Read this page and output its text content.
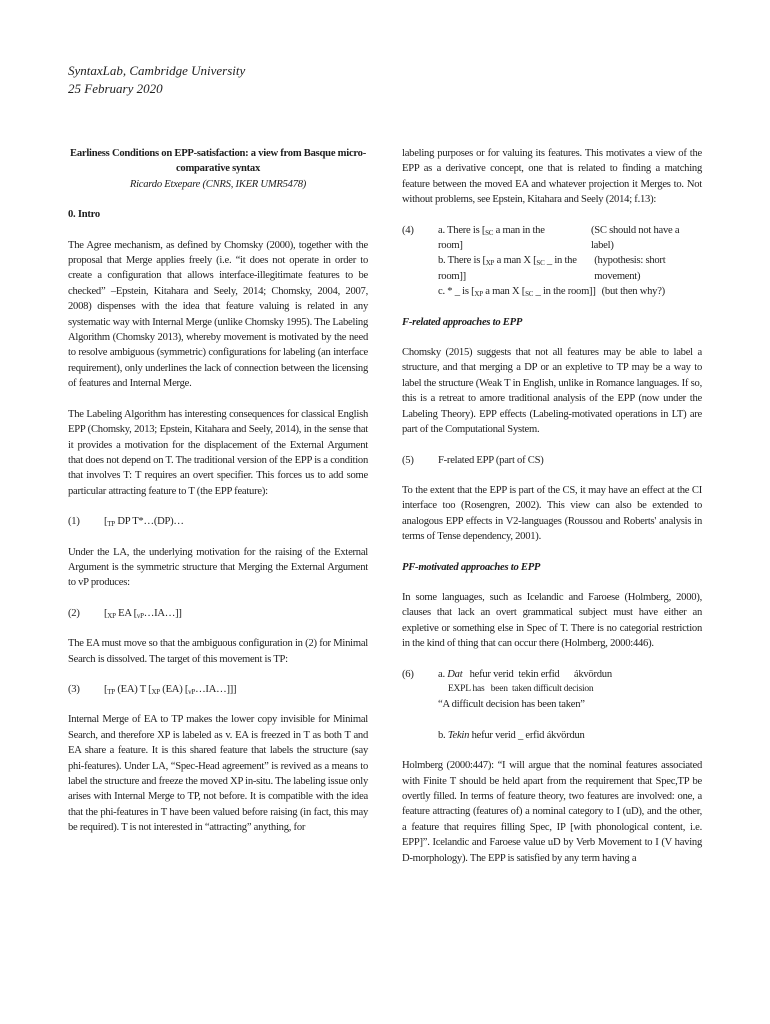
SyntaxLab, Cambridge University
25 February 2020
Earliness Conditions on EPP-satisfaction: a view from Basque micro-
comparative syntax
Ricardo Etxepare (CNRS, IKER UMR5478)
0. Intro

The Agree mechanism, as defined by Chomsky (2000), together with the proposal that Merge applies freely (i.e. “it does not operate in order to create a configuration that allows interface-illegitimate features to be checked” –Epstein, Kitahara and Seely, 2014; Chomsky, 2004, 2007, 2008) dispenses with the idea that feature valuing is related in any systematic way with Internal Merge (unlike Chomsky 1995). The Labeling Algorithm (Chomsky 2013), whereby movement is motivated by the need to resolve ambiguous (symmetric) configurations for labeling (an interface requirement), only underlines the lack of connection between the licensing of features and Internal Merge.

The Labeling Algorithm has interesting consequences for classical English EPP (Chomsky, 2013; Epstein, Kitahara and Seely, 2014), in the sense that it provides a motivation for the displacement of the External Argument that does not depend on T. The traditional version of the EPP is a condition that involves T: T requires an overt specifier. This forces us to add some particular attracting feature to T (the EPP feature):

(1)	[$_{TP}$ DP T*…(DP)…

Under the LA, the underlying motivation for the raising of the External Argument is the symmetric structure that Merging the External Argument to vP produces:

(2)	[$_{XP}$ EA $[_{vP}\dots IA\dots]$]

The EA must move so that the ambiguous configuration in (2) for Minimal Search is dissolved. The target of this movement is TP:

(3)	[$_{TP}$ (EA) T [$_{XP}$ (EA) $[_{vP}\dots IA\dots]$]]

Internal Merge of EA to TP makes the lower copy invisible for Minimal Search, and therefore XP is labeled as v. EA is freezed in T as both T and EA share a feature. It is this shared feature that labels the structure (say phi-features). Under LA, “Spec-Head agreement” is revived as a means to label the structure and freeze the moved XP in-situ. The labeling issue only arises with Internal Merge to TP, not before. It is compatible with the idea that the phi-features in T have been valued before raising (in fact, this may be required). T is not interested in “attracting” anything, for

labeling purposes or for valuing its features. This motivates a view of the EPP as a derivative concept, one that is related to finding a matching feature between the moved EA and whatever projection it Merges to. Not without problems, see Epstein, Kitahara and Seely (2014; f.13):

(4)	a. There is [$_{SC}$ a man in the room]
(SC should not have a label)
b. There is [$_{XP}$ a man X [$_{SC}$ _ in the room]]
(hypothesis: short movement)
c. * _ is [$_{XP}$ a man X [$_{SC}$ _ in the room]] (but then why?)
F-related approaches to EPP

Chomsky (2015) suggests that not all features may be able to label a structure, and that merging a DP or an expletive to TP may be a way to label the structure (Weak T in English, unlike in Romance languages. If so, this is a retreat to amore traditional analysis of the EPP (now under the Labeling Theory). EPP effects (Labeling-motivated operations in LT) are part of the Computational System.

(5)	F-related EPP (part of CS)

To the extent that the EPP is part of the CS, it may have an effect at the CI interface too (Rosengren, 2002). This view can also be extended to analogous EPP effects in V2-languages (Roussou and Roberts' analysis in terms of Tense dependency, 2001).

PF-motivated approaches to EPP

In some languages, such as Icelandic and Faroese (Holmberg, 2000), clauses that lack an overt grammatical subject must have either an expletive or something else in Spec of T. There is no categorial restriction in the kind of thing that can occur there (Holmberg, 2000:446).

(6)	a. Dat   hefur verid  tekin erfid      ákvördun
EXPL has   been  taken difficult decision
“A difficult decision has been taken”
b. Tekin hefur verid _ erfid ákvördun

Holmberg (2000:447): “I will argue that the nominal features associated with Finite T should be held apart from the requirement that Spec,TP be overtly filled. In terms of feature theory, two features are involved: one, a feature attracting (features of) a nominal category to I (uD), and the other, a feature that requires filling Spec, IP [with phonological content, i.e. EPP]”. Icelandic and Faroese value uD by Verb Movement to I (V having D-morphology). The EPP is satisfied by any term having a
